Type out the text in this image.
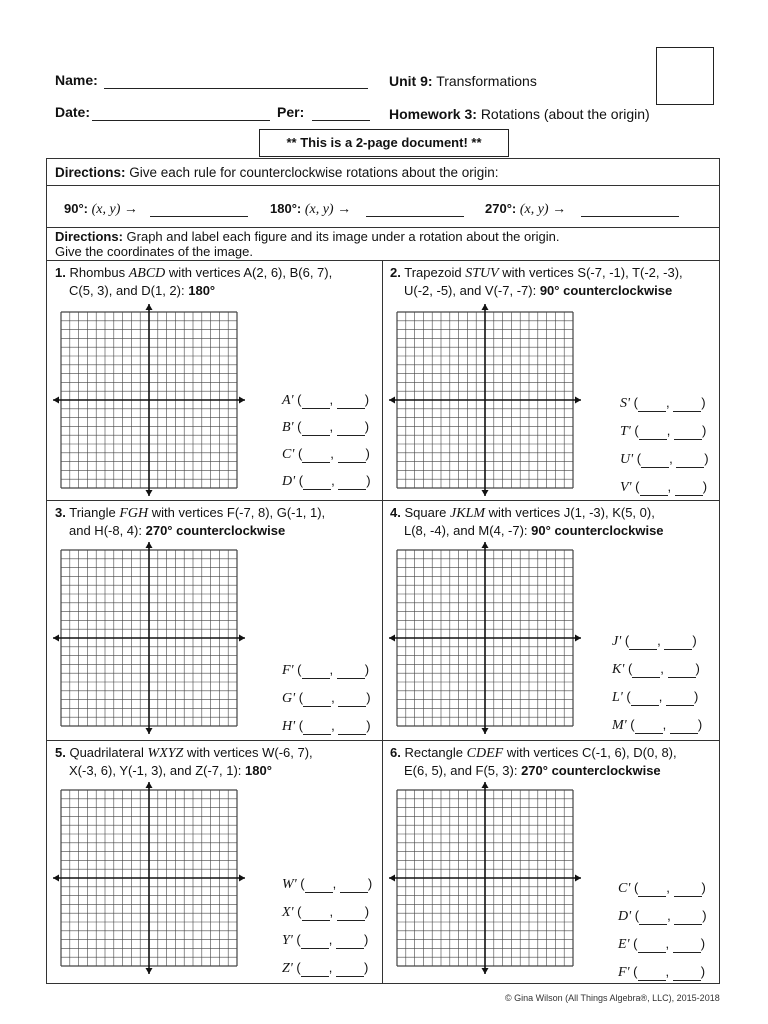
Name:
Date:	Per:
Unit 9: Transformations
Homework 3: Rotations (about the origin)
** This is a 2-page document! **
Directions: Give each rule for counterclockwise rotations about the origin:
90°: (x, y) →	180°: (x, y) →	270°: (x, y) →
Directions: Graph and label each figure and its image under a rotation about the origin.
Give the coordinates of the image.
1. Rhombus ABCD with vertices A(2, 6), B(6, 7),
C(5, 3), and D(1, 2): 180°
2. Trapezoid STUV with vertices S(-7, -1), T(-2, -3),
U(-2, -5), and V(-7, -7): 90° counterclockwise
3. Triangle FGH with vertices F(-7, 8), G(-1, 1),
and H(-8, 4): 270° counterclockwise
4. Square JKLM with vertices J(1, -3), K(5, 0),
L(8, -4), and M(4, -7): 90° counterclockwise
5. Quadrilateral WXYZ with vertices W(-6, 7),
X(-3, 6), Y(-1, 3), and Z(-7, 1): 180°
6. Rectangle CDEF with vertices C(-1, 6), D(0, 8),
E(6, 5), and F(5, 3): 270° counterclockwise
A' ( , )
B' ( , )
C' ( , )
D' ( , )
S' ( , )
T' ( , )
U' ( , )
V' ( , )
F' ( , )
G' ( , )
H' ( , )
J' ( , )
K' ( , )
L' ( , )
M' ( , )
W' ( , )
X' ( , )
Y' ( , )
Z' ( , )
C' ( , )
D' ( , )
E' ( , )
F' ( , )
© Gina Wilson (All Things Algebra®, LLC), 2015-2018
